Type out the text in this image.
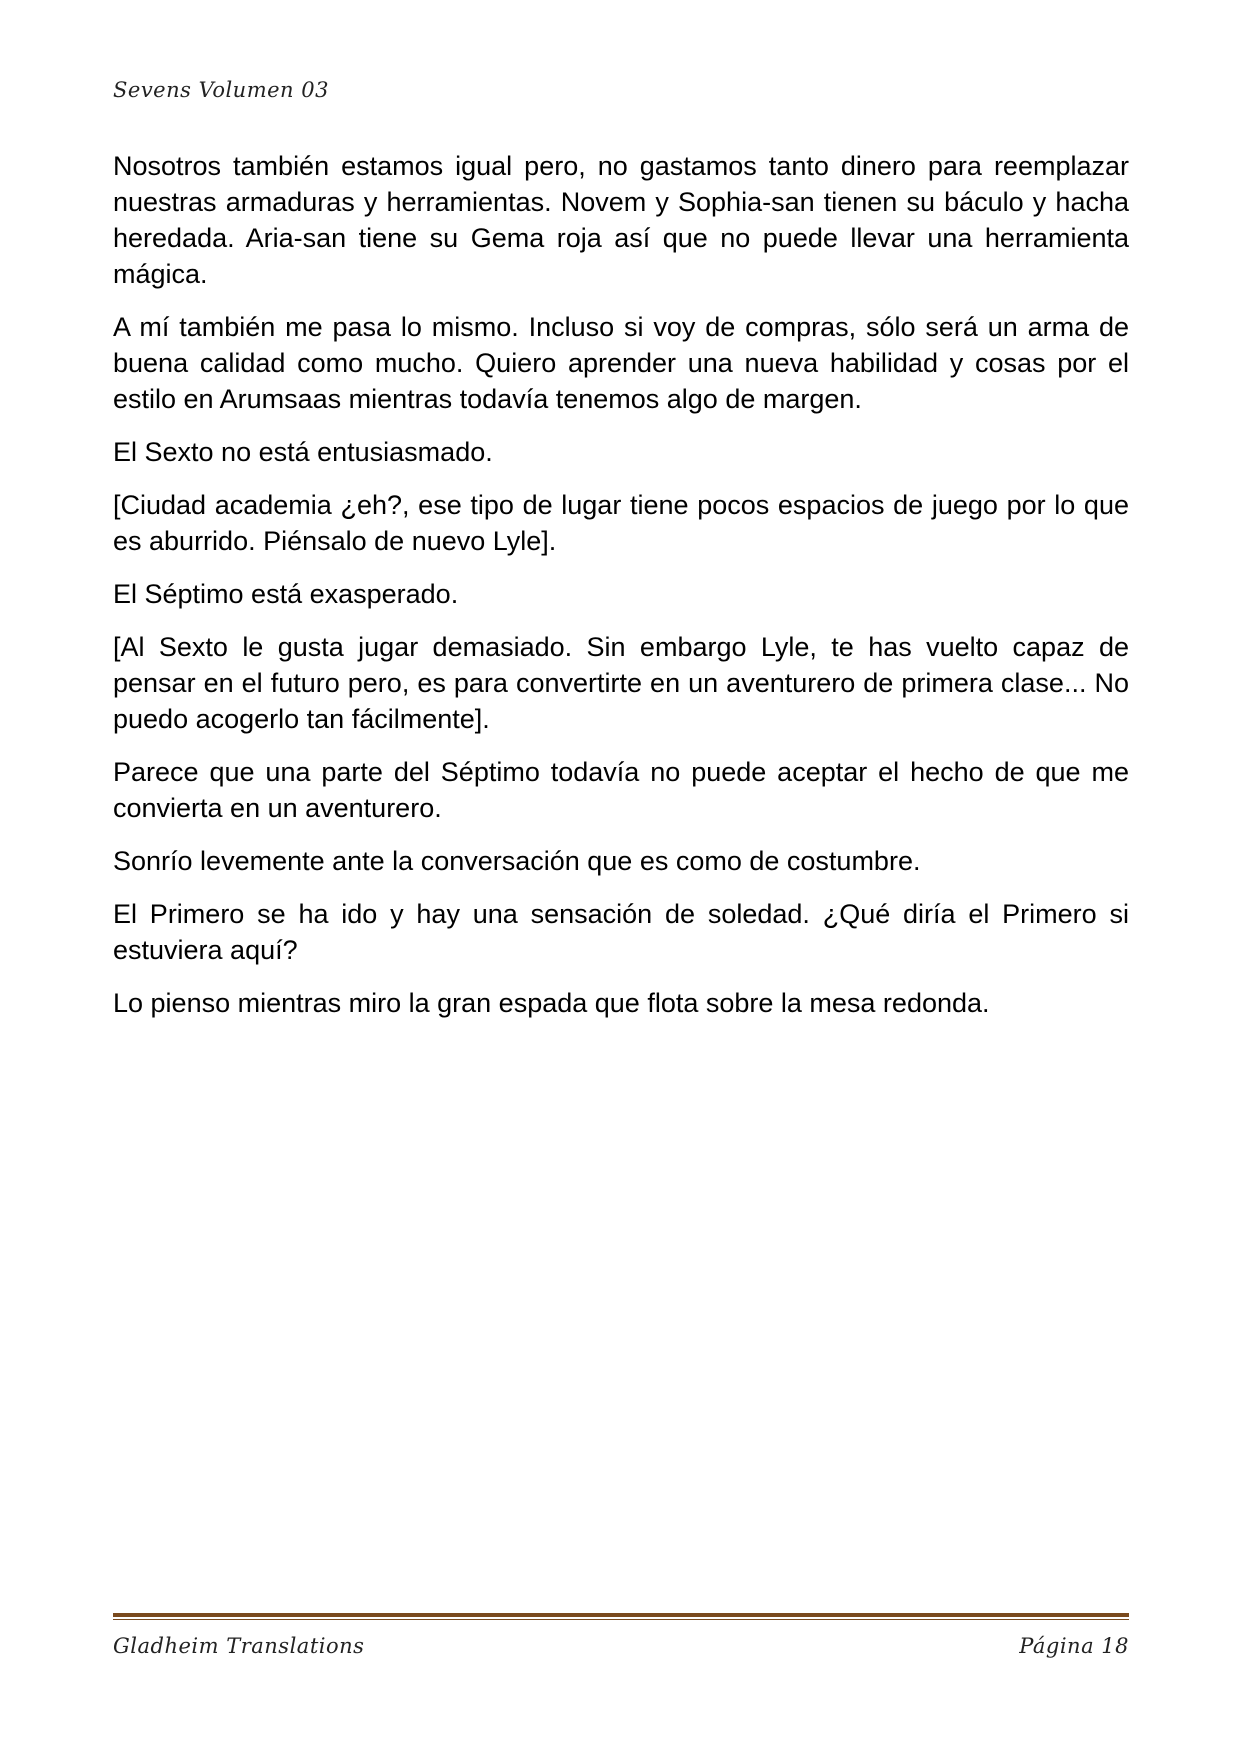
Sevens Volumen 03

Nosotros también estamos igual pero, no gastamos tanto dinero para reemplazar nuestras armaduras y herramientas. Novem y Sophia-san tienen su báculo y hacha heredada. Aria-san tiene su Gema roja así que no puede llevar una herramienta mágica.

A mí también me pasa lo mismo. Incluso si voy de compras, sólo será un arma de buena calidad como mucho. Quiero aprender una nueva habilidad y cosas por el estilo en Arumsaas mientras todavía tenemos algo de margen.

El Sexto no está entusiasmado.

[Ciudad academia ¿eh?, ese tipo de lugar tiene pocos espacios de juego por lo que es aburrido. Piénsalo de nuevo Lyle].

El Séptimo está exasperado.

[Al Sexto le gusta jugar demasiado. Sin embargo Lyle, te has vuelto capaz de pensar en el futuro pero, es para convertirte en un aventurero de primera clase... No puedo acogerlo tan fácilmente].

Parece que una parte del Séptimo todavía no puede aceptar el hecho de que me convierta en un aventurero.

Sonrío levemente ante la conversación que es como de costumbre.

El Primero se ha ido y hay una sensación de soledad. ¿Qué diría el Primero si estuviera aquí?

Lo pienso mientras miro la gran espada que flota sobre la mesa redonda.

Gladheim Translations	Página 18
